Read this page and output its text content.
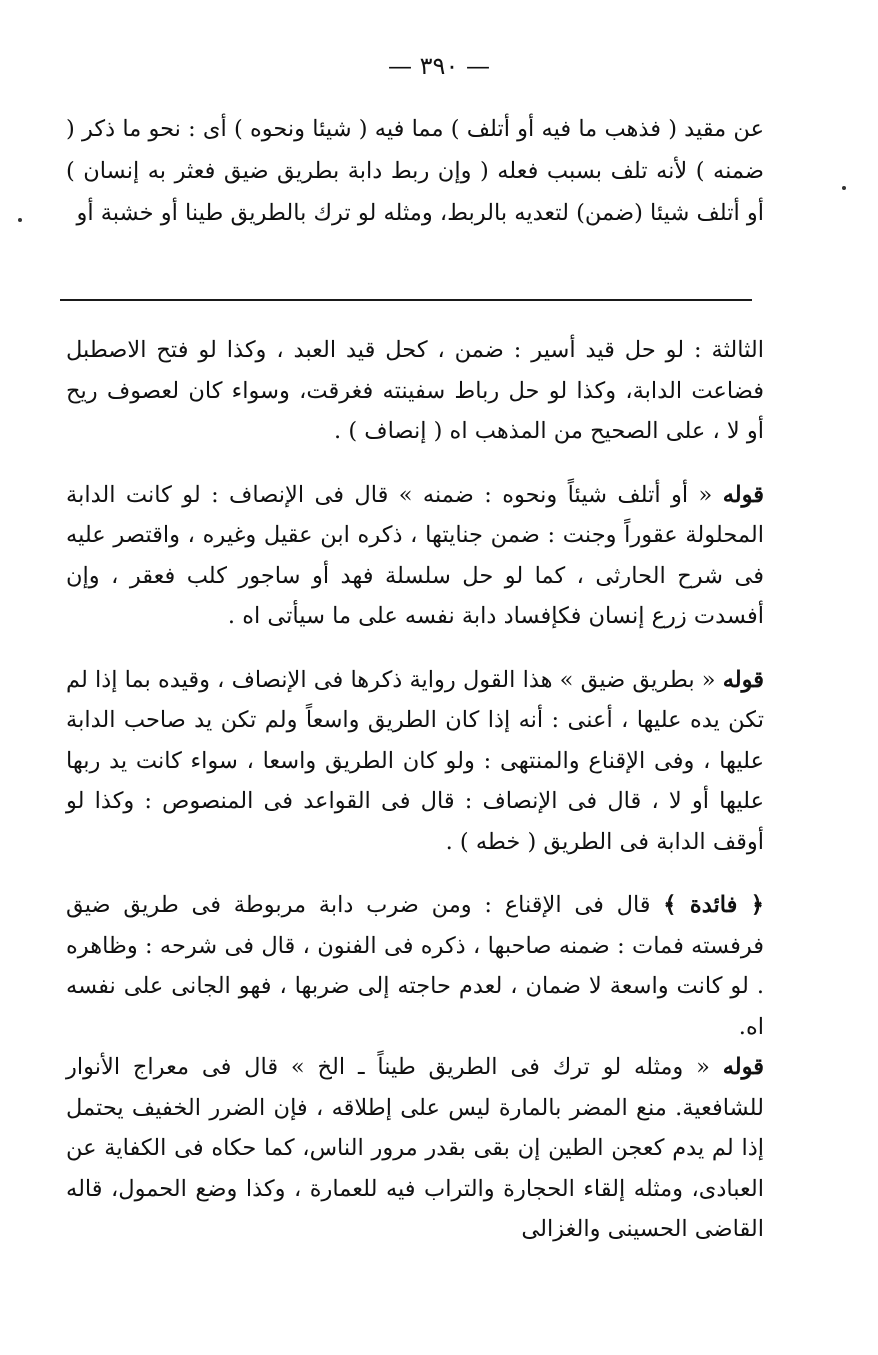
— ٣٩٠ —
عن مقيد ( فذهب ما فيه أو أتلف ) مما فيه ( شيئا ونحوه ) أى : نحو ما ذكر ( ضمنه ) لأنه تلف بسبب فعله ( وإن ربط دابة بطريق ضيق فعثر به إنسان ) أو أتلف شيئا (ضمن) لتعديه بالربط، ومثله لو ترك بالطريق طينا أو خشبة أو

الثالثة : لو حل قيد أسير : ضمن ، كحل قيد العبد ، وكذا لو فتح الاصطبل فضاعت الدابة، وكذا لو حل رباط سفينته فغرقت، وسواء كان لعصوف ريح أو لا ، على الصحيح من المذهب اه ( إنصاف ) .

قوله « أو أتلف شيئاً ونحوه : ضمنه » قال فى الإنصاف : لو كانت الدابة المحلولة عقوراً وجنت : ضمن جنايتها ، ذكره ابن عقيل وغيره ، واقتصر عليه فى شرح الحارثى ، كما لو حل سلسلة فهد أو ساجور كلب فعقر ، وإن أفسدت زرع إنسان فكإفساد دابة نفسه على ما سيأتى اه .

قوله « بطريق ضيق » هذا القول رواية ذكرها فى الإنصاف ، وقيده بما إذا لم تكن يده عليها ، أعنى : أنه إذا كان الطريق واسعاً ولم تكن يد صاحب الدابة عليها ، وفى الإقناع والمنتهى : ولو كان الطريق واسعا ، سواء كانت يد ربها عليها أو لا ، قال فى الإنصاف : قال فى القواعد فى المنصوص : وكذا لو أوقف الدابة فى الطريق ( خطه ) .

﴿ فائدة ﴾ قال فى الإقناع : ومن ضرب دابة مربوطة فى طريق ضيق فرفسته فمات : ضمنه صاحبها ، ذكره فى الفنون ، قال فى شرحه : وظاهره . لو كانت واسعة لا ضمان ، لعدم حاجته إلى ضربها ، فهو الجانى على نفسه اه.

قوله « ومثله لو ترك فى الطريق طيناً ـ الخ » قال فى معراج الأنوار للشافعية. منع المضر بالمارة ليس على إطلاقه ، فإن الضرر الخفيف يحتمل إذا لم يدم كعجن الطين إن بقى بقدر مرور الناس، كما حكاه فى الكفاية عن العبادى، ومثله إلقاء الحجارة والتراب فيه للعمارة ، وكذا وضع الحمول، قاله القاضى الحسينى والغزالى
